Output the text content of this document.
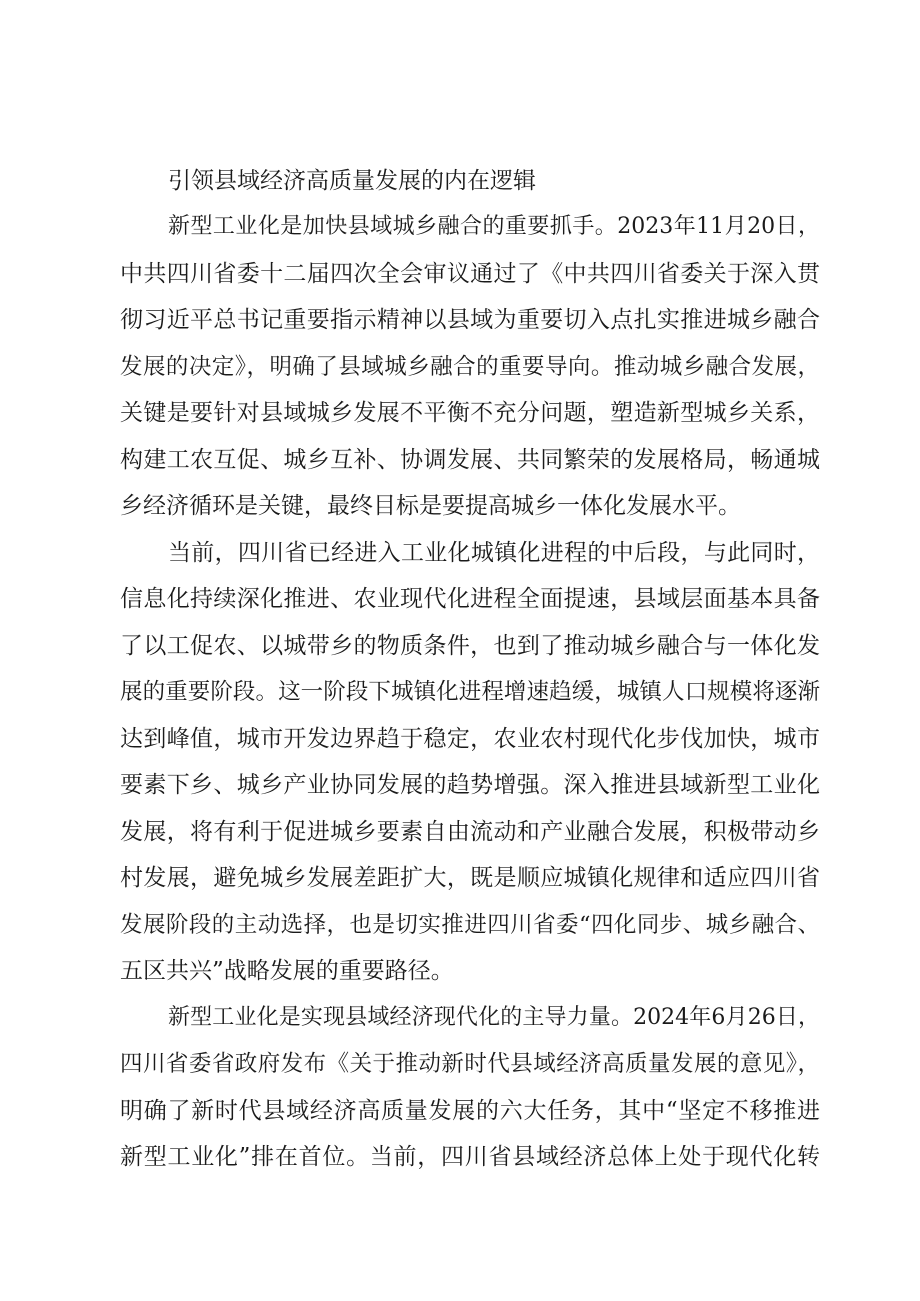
引领县域经济高质量发展的内在逻辑
新型工业化是加快县域城乡融合的重要抓手。2023年11月20日，
中共四川省委十二届四次全会审议通过了《中共四川省委关于深入贯
彻习近平总书记重要指示精神以县域为重要切入点扎实推进城乡融合
发展的决定》，明确了县域城乡融合的重要导向。推动城乡融合发展，
关键是要针对县域城乡发展不平衡不充分问题，塑造新型城乡关系，
构建工农互促、城乡互补、协调发展、共同繁荣的发展格局，畅通城
乡经济循环是关键，最终目标是要提高城乡一体化发展水平。
当前，四川省已经进入工业化城镇化进程的中后段，与此同时，
信息化持续深化推进、农业现代化进程全面提速，县域层面基本具备
了以工促农、以城带乡的物质条件，也到了推动城乡融合与一体化发
展的重要阶段。这一阶段下城镇化进程增速趋缓，城镇人口规模将逐渐
达到峰值，城市开发边界趋于稳定，农业农村现代化步伐加快，城市
要素下乡、城乡产业协同发展的趋势增强。深入推进县域新型工业化
发展，将有利于促进城乡要素自由流动和产业融合发展，积极带动乡
村发展，避免城乡发展差距扩大，既是顺应城镇化规律和适应四川省
发展阶段的主动选择，也是切实推进四川省委“四化同步、城乡融合、
五区共兴”战略发展的重要路径。
新型工业化是实现县域经济现代化的主导力量。2024年6月26日，
四川省委省政府发布《关于推动新时代县域经济高质量发展的意见》，
明确了新时代县域经济高质量发展的六大任务，其中“坚定不移推进
新型工业化”排在首位。当前，四川省县域经济总体上处于现代化转
